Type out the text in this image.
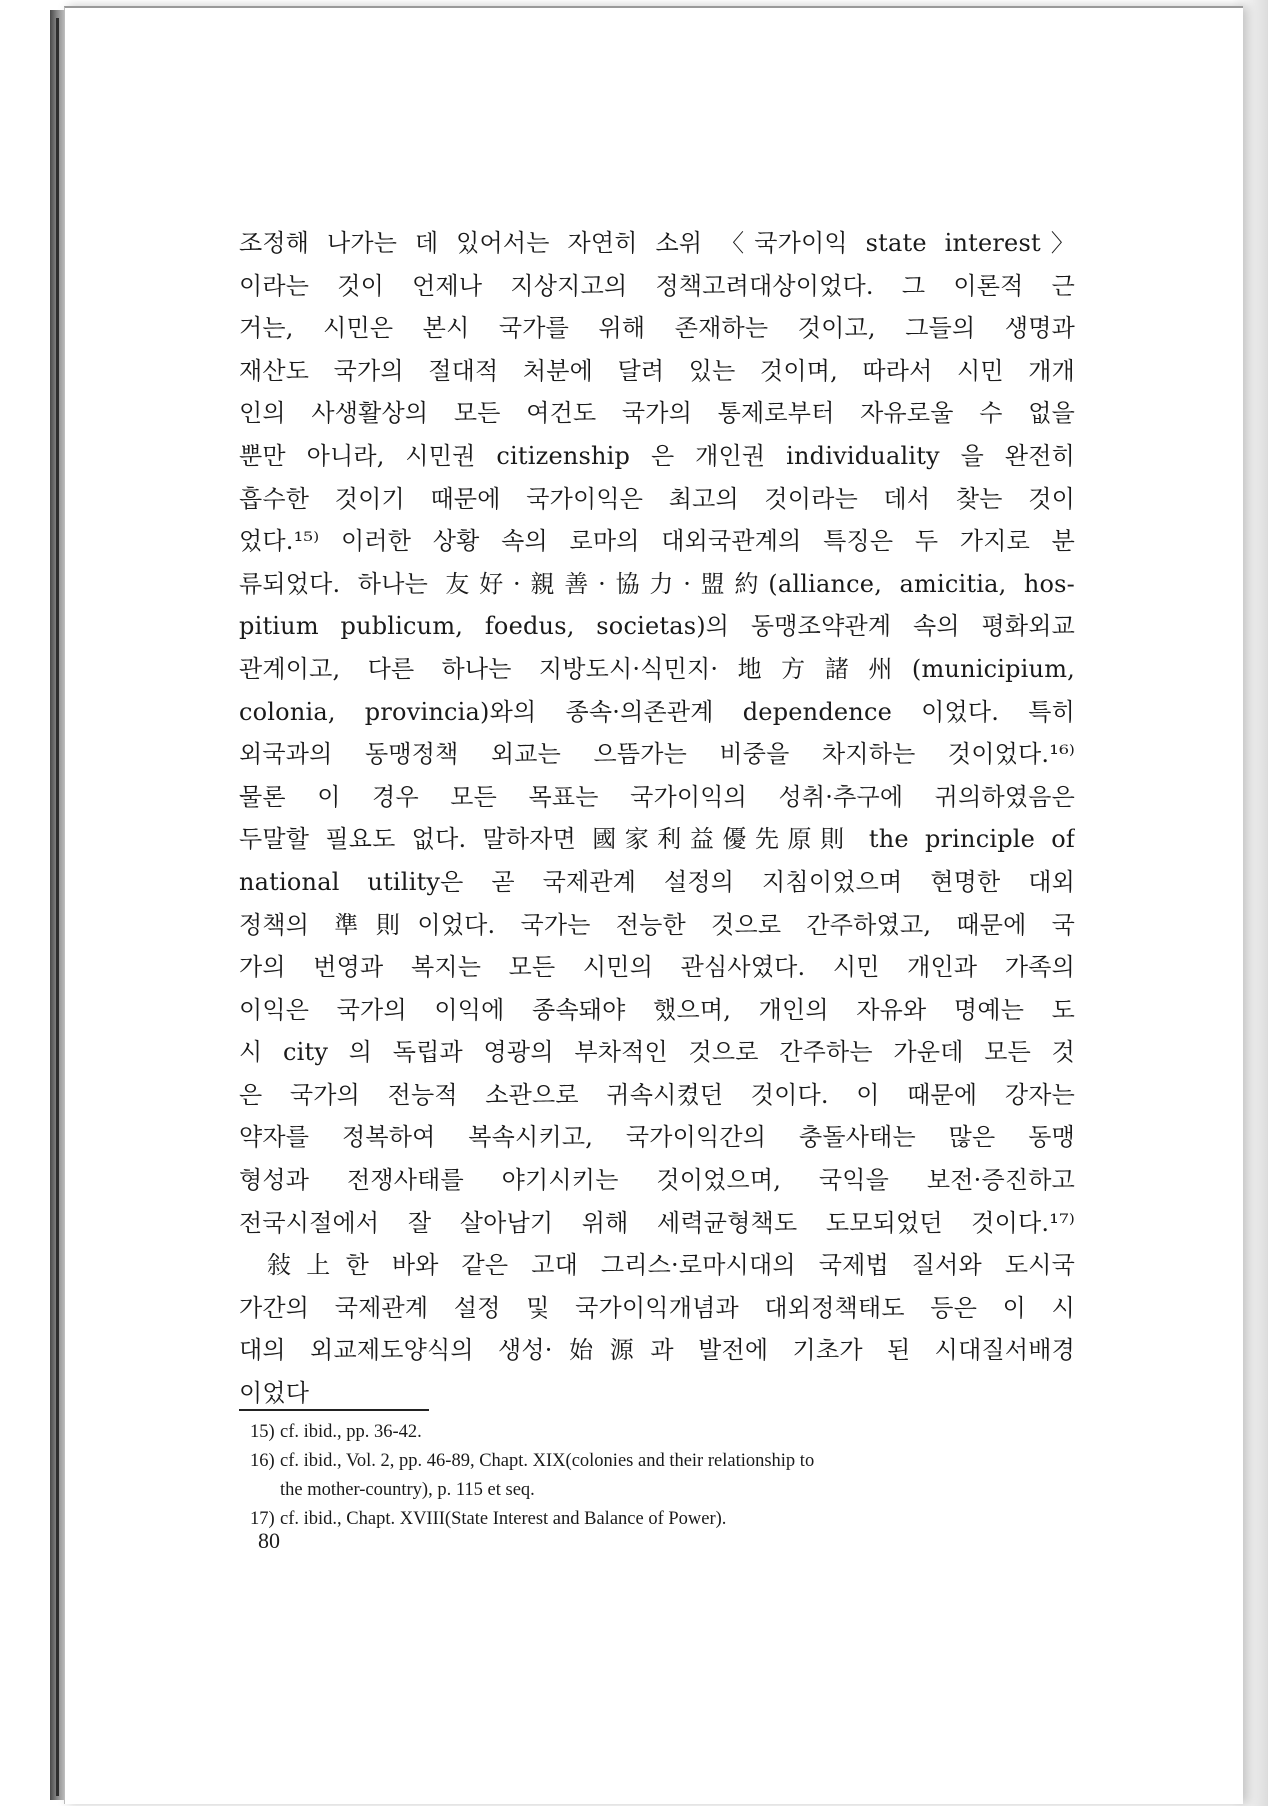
조정해 나가는 데 있어서는 자연히 소위 〈국가이익 state interest〉
이라는 것이 언제나 지상지고의 정책고려대상이었다. 그 이론적 근
거는, 시민은 본시 국가를 위해 존재하는 것이고, 그들의 생명과
재산도 국가의 절대적 처분에 달려 있는 것이며, 따라서 시민 개개
인의 사생활상의 모든 여건도 국가의 통제로부터 자유로울 수 없을
뿐만 아니라, 시민권 citizenship 은 개인권 individuality 을 완전히
흡수한 것이기 때문에 국가이익은 최고의 것이라는 데서 찾는 것이
었다.¹⁵⁾ 이러한 상황 속의 로마의 대외국관계의 특징은 두 가지로 분
류되었다. 하나는 友好·親善·協力·盟約(alliance, amicitia, hos-
pitium publicum, foedus, societas)의 동맹조약관계 속의 평화외교
관계이고, 다른 하나는 지방도시·식민지·地方諸州(municipium,
colonia, provincia)와의 종속·의존관계 dependence 이었다. 특히
외국과의 동맹정책 외교는 으뜸가는 비중을 차지하는 것이었다.¹⁶⁾
물론 이 경우 모든 목표는 국가이익의 성취·추구에 귀의하였음은
두말할 필요도 없다. 말하자면 國家利益優先原則 the principle of
national utility은 곧 국제관계 설정의 지침이었으며 현명한 대외
정책의 準則이었다. 국가는 전능한 것으로 간주하였고, 때문에 국
가의 번영과 복지는 모든 시민의 관심사였다. 시민 개인과 가족의
이익은 국가의 이익에 종속돼야 했으며, 개인의 자유와 명예는 도
시 city 의 독립과 영광의 부차적인 것으로 간주하는 가운데 모든 것
은 국가의 전능적 소관으로 귀속시켰던 것이다. 이 때문에 강자는
약자를 정복하여 복속시키고, 국가이익간의 충돌사태는 많은 동맹
형성과 전쟁사태를 야기시키는 것이었으며, 국익을 보전·증진하고
전국시절에서 잘 살아남기 위해 세력균형책도 도모되었던 것이다.¹⁷⁾
敍上한 바와 같은 고대 그리스·로마시대의 국제법 질서와 도시국
가간의 국제관계 설정 및 국가이익개념과 대외정책태도 등은 이 시
대의 외교제도양식의 생성·始源과 발전에 기초가 된 시대질서배경
이었다
15) cf. ibid., pp. 36-42.
16) cf. ibid., Vol. 2, pp. 46-89, Chapt. XIX(colonies and their relationship to
the mother-country), p. 115 et seq.
17) cf. ibid., Chapt. XVIII(State Interest and Balance of Power).
80
